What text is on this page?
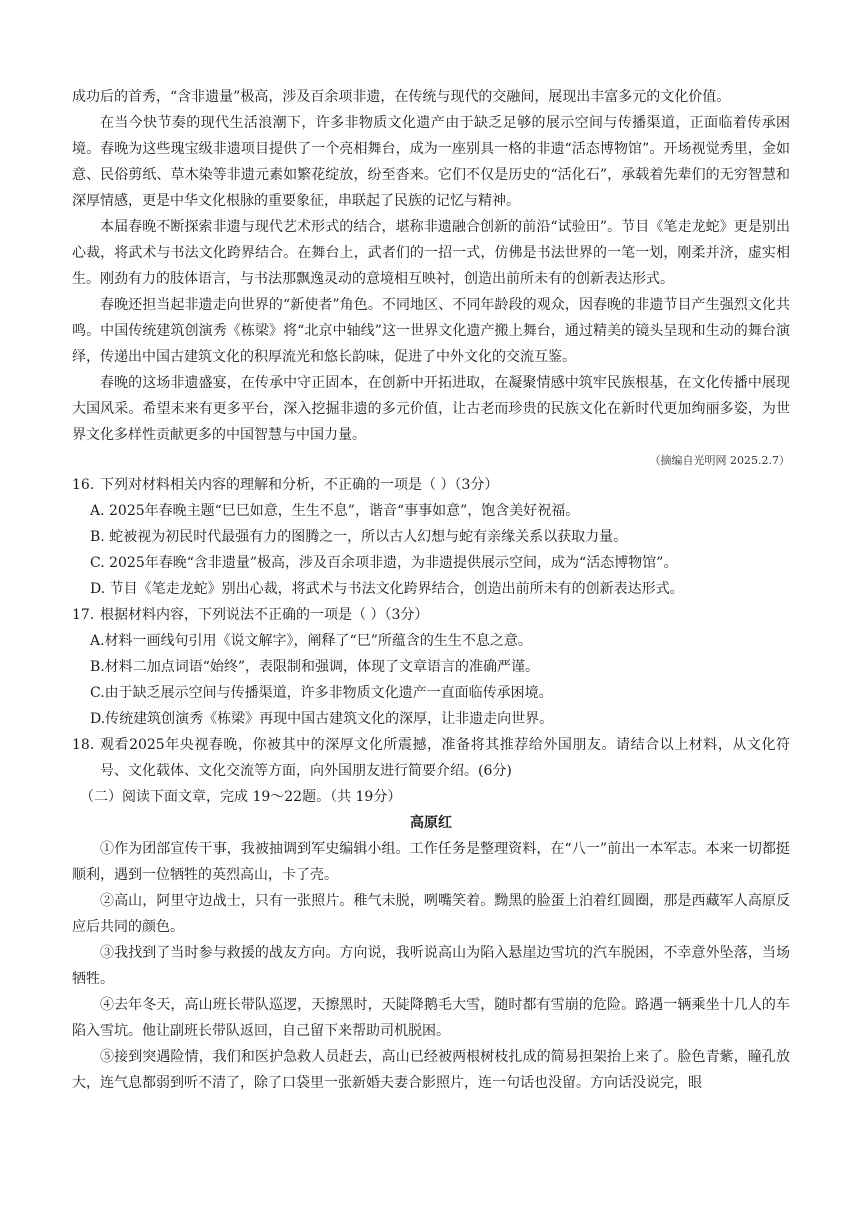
成功后的首秀，“含非遗量”极高，涉及百余项非遗，在传统与现代的交融间，展现出丰富多元的文化价值。

在当今快节奏的现代生活浪潮下，许多非物质文化遗产由于缺乏足够的展示空间与传播渠道，正面临着传承困境。春晚为这些瑰宝级非遗项目提供了一个亮相舞台，成为一座别具一格的非遗“活态博物馆”。开场视觉秀里，金如意、民俗剪纸、草木染等非遗元素如繁花绽放，纷至沓来。它们不仅是历史的“活化石”，承载着先辈们的无穷智慧和深厚情感，更是中华文化根脉的重要象征，串联起了民族的记忆与精神。

本届春晚不断探索非遗与现代艺术形式的结合，堪称非遗融合创新的前沿“试验田”。节目《笔走龙蛇》更是别出心裁，将武术与书法文化跨界结合。在舞台上，武者们的一招一式，仿佛是书法世界的一笔一划，刚柔并济，虚实相生。刚劲有力的肢体语言，与书法那飘逸灵动的意境相互映衬，创造出前所未有的创新表达形式。

春晚还担当起非遗走向世界的“新使者”角色。不同地区、不同年龄段的观众，因春晚的非遗节目产生强烈文化共鸣。中国传统建筑创演秀《栋梁》将“北京中轴线”这一世界文化遗产搬上舞台，通过精美的镜头呈现和生动的舞台演绎，传递出中国古建筑文化的积厚流光和悠长韵味，促进了中外文化的交流互鉴。

春晚的这场非遗盛宴，在传承中守正固本，在创新中开拓进取，在凝聚情感中筑牢民族根基，在文化传播中展现大国风采。希望未来有更多平台，深入挖掘非遗的多元价值，让古老而珍贵的民族文化在新时代更加绚丽多姿，为世界文化多样性贡献更多的中国智慧与中国力量。

（摘编自光明网 2025.2.7）

16. 下列对材料相关内容的理解和分析，不正确的一项是（ ）（3分）

A. 2025年春晚主题“巳巳如意，生生不息”，谐音“事事如意”，饱含美好祝福。

B. 蛇被视为初民时代最强有力的图腾之一，所以古人幻想与蛇有亲缘关系以获取力量。

C. 2025年春晚“含非遗量”极高，涉及百余项非遗，为非遗提供展示空间，成为“活态博物馆”。

D. 节目《笔走龙蛇》别出心裁，将武术与书法文化跨界结合，创造出前所未有的创新表达形式。

17. 根据材料内容，下列说法不正确的一项是（ ）（3分）

A.材料一画线句引用《说文解字》，阐释了“巳”所蕴含的生生不息之意。

B.材料二加点词语“始终”，表限制和强调，体现了文章语言的准确严谨。

C.由于缺乏展示空间与传播渠道，许多非物质文化遗产一直面临传承困境。

D.传统建筑创演秀《栋梁》再现中国古建筑文化的深厚，让非遗走向世界。

18. 观看2025年央视春晚，你被其中的深厚文化所震撼，准备将其推荐给外国朋友。请结合以上材料，从文化符号、文化载体、文化交流等方面，向外国朋友进行简要介绍。(6分)

（二）阅读下面文章，完成 19～22题。（共 19分）

高原红

①作为团部宣传干事，我被抽调到军史编辑小组。工作任务是整理资料，在“八一”前出一本军志。本来一切都挺顺利，遇到一位牺牲的英烈高山，卡了壳。

②高山，阿里守边战士，只有一张照片。稚气未脱，咧嘴笑着。黝黑的脸蛋上泊着红圆圈，那是西藏军人高原反应后共同的颜色。

③我找到了当时参与救援的战友方向。方向说，我听说高山为陷入悬崖边雪坑的汽车脱困，不幸意外坠落，当场牺牲。

④去年冬天，高山班长带队巡逻，天擦黑时，天陡降鹅毛大雪，随时都有雪崩的危险。路遇一辆乘坐十几人的车陷入雪坑。他让副班长带队返回，自己留下来帮助司机脱困。

⑤接到突遇险情，我们和医护急救人员赶去，高山已经被两根树枝扎成的简易担架抬上来了。脸色青紫，瞳孔放大，连气息都弱到听不清了，除了口袋里一张新婚夫妻合影照片，连一句话也没留。方向话没说完，眼
